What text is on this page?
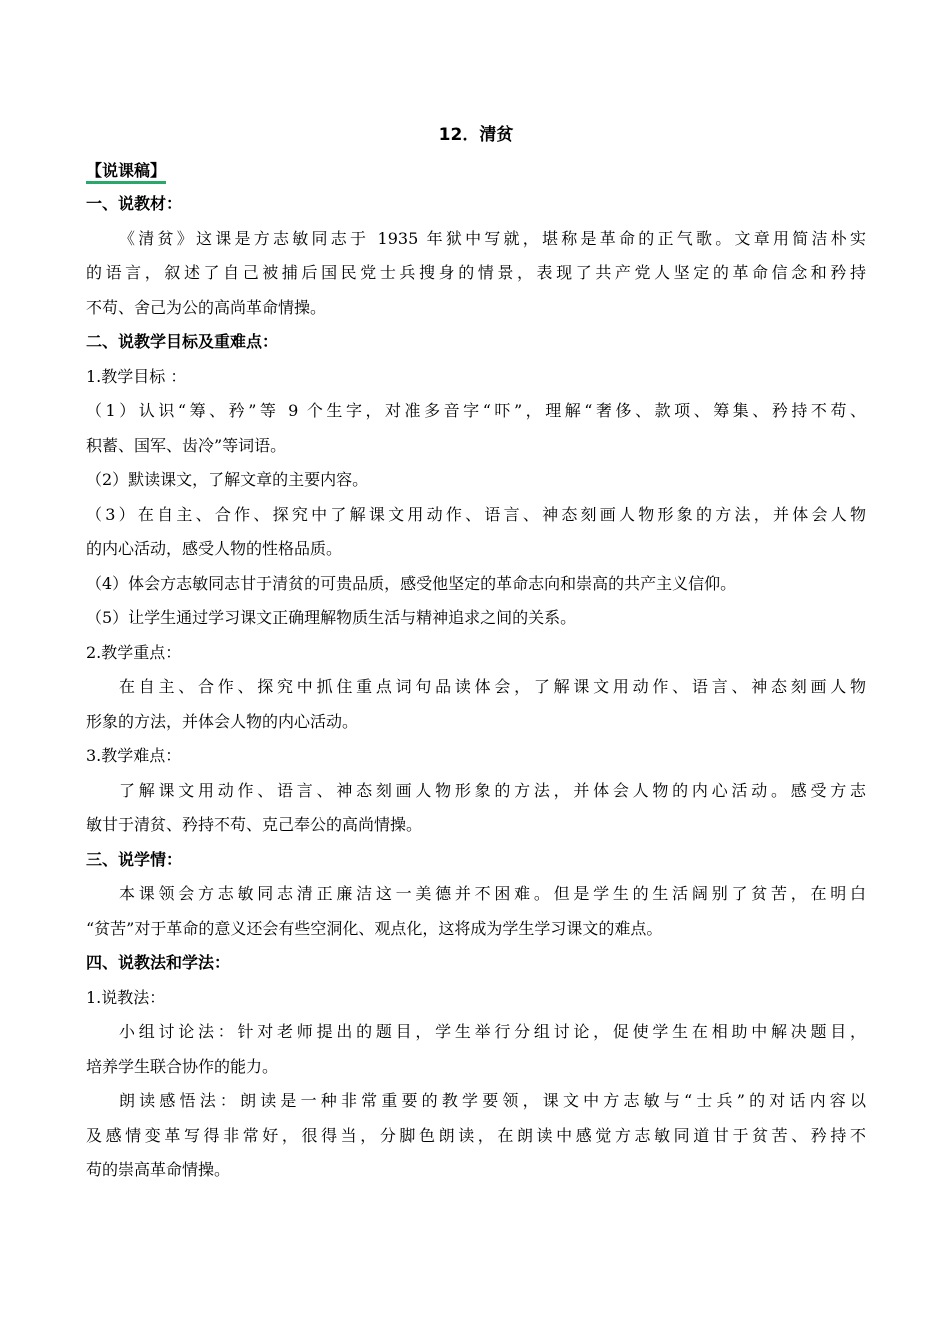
12．清贫
【说课稿】
一、说教材：
《清贫》这课是方志敏同志于 1935 年狱中写就，堪称是革命的正气歌。文章用简洁朴实
的语言，叙述了自己被捕后国民党士兵搜身的情景，表现了共产党人坚定的革命信念和矜持
不苟、舍己为公的高尚革命情操。
二、说教学目标及重难点：
1.教学目标 ：
（1）认识“筹、矜”等 9 个生字，对准多音字“吓”，理解“奢侈、款项、筹集、矜持不苟、
积蓄、国军、齿冷”等词语。
（2）默读课文，了解文章的主要内容。
（3）在自主、合作、探究中了解课文用动作、语言、神态刻画人物形象的方法，并体会人物
的内心活动，感受人物的性格品质。
（4）体会方志敏同志甘于清贫的可贵品质，感受他坚定的革命志向和崇高的共产主义信仰。
（5）让学生通过学习课文正确理解物质生活与精神追求之间的关系。
2.教学重点：
在自主、合作、探究中抓住重点词句品读体会，了解课文用动作、语言、神态刻画人物
形象的方法，并体会人物的内心活动。
3.教学难点：
了解课文用动作、语言、神态刻画人物形象的方法，并体会人物的内心活动。感受方志
敏甘于清贫、矜持不苟、克己奉公的高尚情操。
三、说学情：
本课领会方志敏同志清正廉洁这一美德并不困难。但是学生的生活阔别了贫苦，在明白
“贫苦”对于革命的意义还会有些空洞化、观点化，这将成为学生学习课文的难点。
四、说教法和学法：
1.说教法：
小组讨论法：针对老师提出的题目，学生举行分组讨论，促使学生在相助中解决题目，
培养学生联合协作的能力。
朗读感悟法：朗读是一种非常重要的教学要领，课文中方志敏与“士兵”的对话内容以
及感情变革写得非常好，很得当，分脚色朗读，在朗读中感觉方志敏同道甘于贫苦、矜持不
苟的崇高革命情操。
